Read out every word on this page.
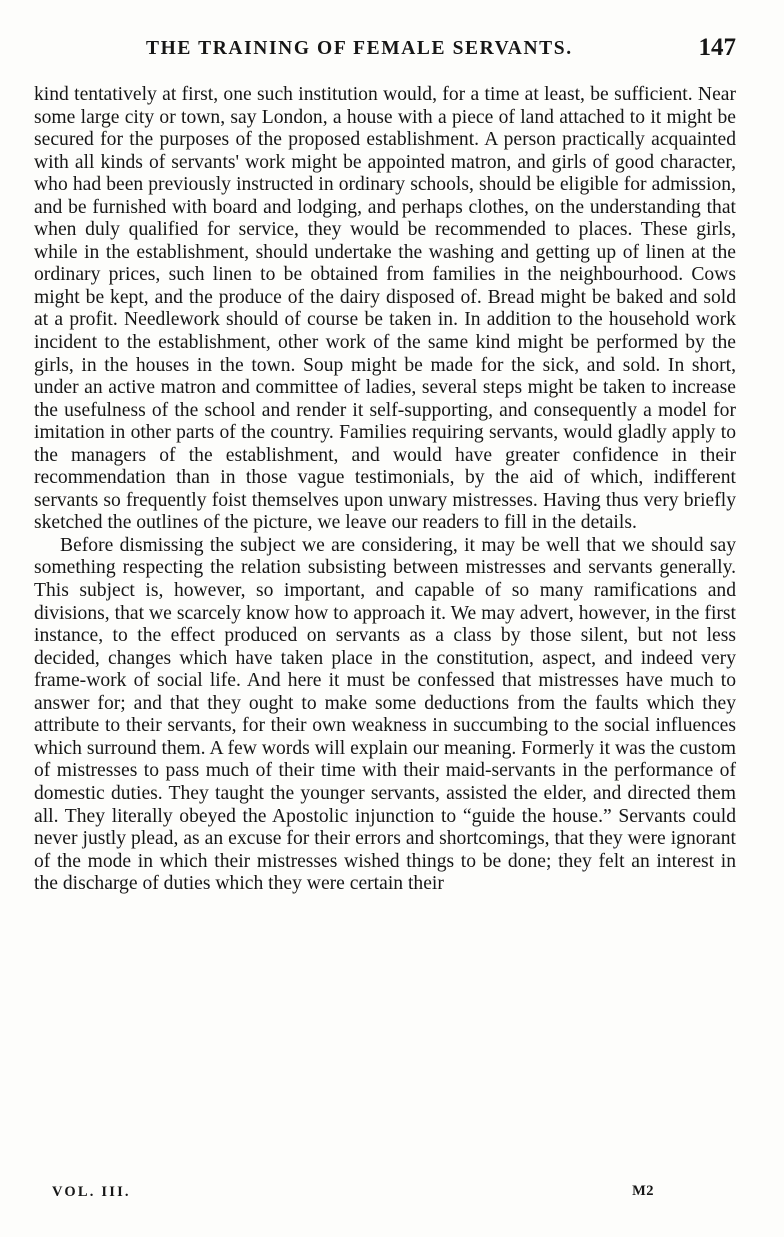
THE TRAINING OF FEMALE SERVANTS.	147

kind tentatively at first, one such institution would, for a time at least, be sufficient. Near some large city or town, say London, a house with a piece of land attached to it might be secured for the purposes of the proposed establishment. A person practically acquainted with all kinds of servants' work might be appointed matron, and girls of good character, who had been previously instructed in ordinary schools, should be eligible for admission, and be furnished with board and lodging, and perhaps clothes, on the understanding that when duly qualified for service, they would be recommended to places. These girls, while in the establishment, should undertake the washing and getting up of linen at the ordinary prices, such linen to be obtained from families in the neighbourhood. Cows might be kept, and the produce of the dairy disposed of. Bread might be baked and sold at a profit. Needlework should of course be taken in. In addition to the household work incident to the establishment, other work of the same kind might be performed by the girls, in the houses in the town. Soup might be made for the sick, and sold. In short, under an active matron and committee of ladies, several steps might be taken to increase the usefulness of the school and render it self-supporting, and consequently a model for imitation in other parts of the country. Families requiring servants, would gladly apply to the managers of the establishment, and would have greater confidence in their recommendation than in those vague testimonials, by the aid of which, indifferent servants so frequently foist themselves upon unwary mistresses. Having thus very briefly sketched the outlines of the picture, we leave our readers to fill in the details.

Before dismissing the subject we are considering, it may be well that we should say something respecting the relation subsisting between mistresses and servants generally. This subject is, however, so important, and capable of so many ramifications and divisions, that we scarcely know how to approach it. We may advert, however, in the first instance, to the effect produced on servants as a class by those silent, but not less decided, changes which have taken place in the constitution, aspect, and indeed very frame-work of social life. And here it must be confessed that mistresses have much to answer for; and that they ought to make some deductions from the faults which they attribute to their servants, for their own weakness in succumbing to the social influences which surround them. A few words will explain our meaning. Formerly it was the custom of mistresses to pass much of their time with their maid-servants in the performance of domestic duties. They taught the younger servants, assisted the elder, and directed them all. They literally obeyed the Apostolic injunction to “guide the house.” Servants could never justly plead, as an excuse for their errors and shortcomings, that they were ignorant of the mode in which their mistresses wished things to be done; they felt an interest in the discharge of duties which they were certain their

VOL. III.	M2
